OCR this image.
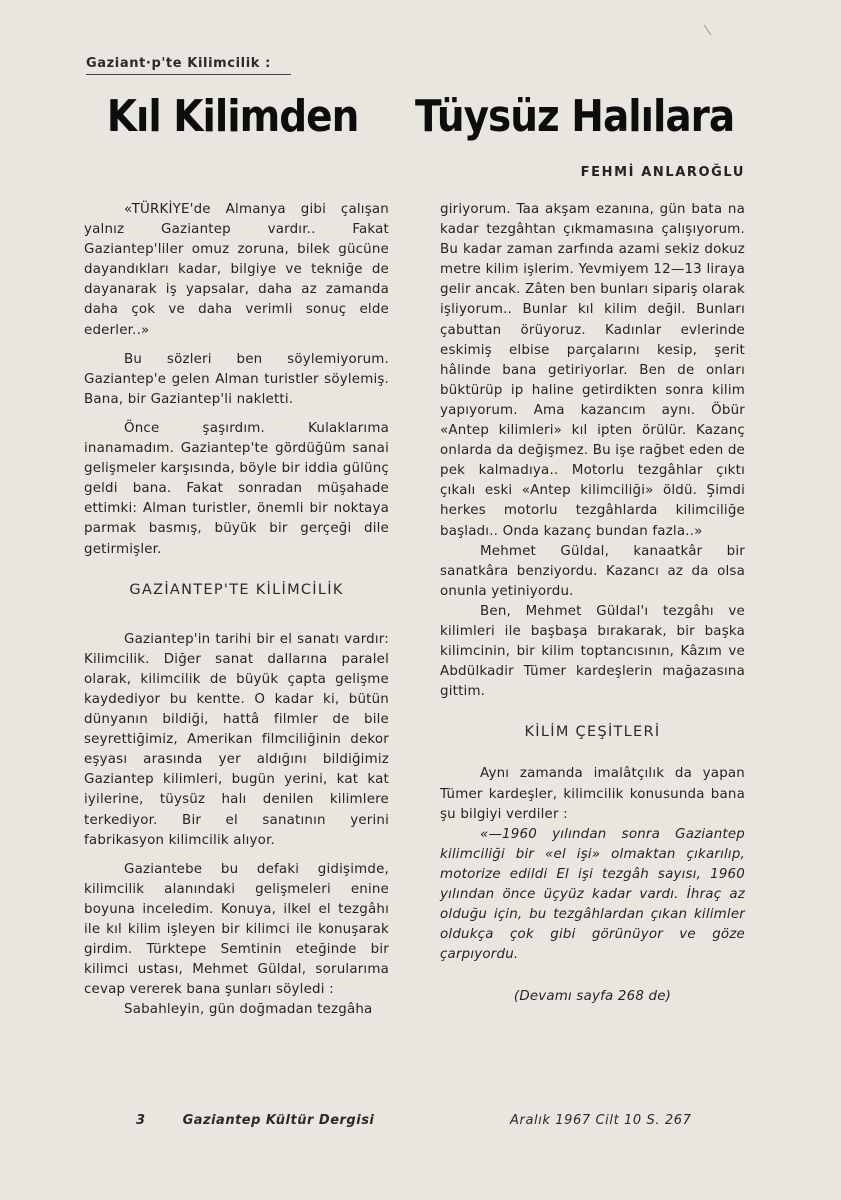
Gaziant·p'te Kilimcilik :
Kıl Kilimden Tüysüz Halılara
FEHMİ ANLAROĞLU

«TÜRKİYE'de Almanya gibi çalışan yalnız Gaziantep vardır.. Fakat Gaziantep'liler omuz zoruna, bilek gücüne dayandıkları kadar, bilgiye ve tekniğe de dayanarak iş yapsalar, daha az zamanda daha çok ve daha verimli sonuç elde ederler..»

Bu sözleri ben söylemiyorum. Gaziantep'e gelen Alman turistler söylemiş. Bana, bir Gaziantep'li nakletti.

Önce şaşırdım. Kulaklarıma inanamadım. Gaziantep'te gördüğüm sanai gelişmeler karşısında, böyle bir iddia gülünç geldi bana. Fakat sonradan müşahade ettimki: Alman turistler, önemli bir noktaya parmak basmış, büyük bir gerçeği dile getirmişler.

GAZİANTEP'TE KİLİMCİLİK

Gaziantep'in tarihi bir el sanatı vardır: Kilimcilik. Diğer sanat dallarına paralel olarak, kilimcilik de büyük çapta gelişme kaydediyor bu kentte. O kadar ki, bütün dünyanın bildiği, hattâ filmler de bile seyrettiğimiz, Amerikan filmciliğinin dekor eşyası arasında yer aldığını bildiğimiz Gaziantep kilimleri, bugün yerini, kat kat iyilerine, tüysüz halı denilen kilimlere terkediyor. Bir el sanatının yerini fabrikasyon kilimcilik alıyor.

Gaziantebe bu defaki gidişimde, kilimcilik alanındaki gelişmeleri enine boyuna inceledim. Konuya, ilkel el tezgâhı ile kıl kilim işleyen bir kilimci ile konuşarak girdim. Türktepe Semtinin eteğinde bir kilimci ustası, Mehmet Güldal, sorularıma cevap vererek bana şunları söyledi :

Sabahleyin, gün doğmadan tezgâha

giriyorum. Taa akşam ezanına, gün bata na kadar tezgâhtan çıkmamasına çalışıyorum. Bu kadar zaman zarfında azami sekiz dokuz metre kilim işlerim. Yevmiyem 12—13 liraya gelir ancak. Zâten ben bunları sipariş olarak işliyorum.. Bunlar kıl kilim değil. Bunları çabuttan örüyoruz. Kadınlar evlerinde eskimiş elbise parçalarını kesip, şerit hâlinde bana getiriyorlar. Ben de onları büktürüp ip haline getirdikten sonra kilim yapıyorum. Ama kazancım aynı. Öbür «Antep kilimleri» kıl ipten örülür. Kazanç onlarda da değişmez. Bu işe rağbet eden de pek kalmadıya.. Motorlu tezgâhlar çıktı çıkalı eski «Antep kilimciliği» öldü. Şimdi herkes motorlu tezgâhlarda kilimciliğe başladı.. Onda kazanç bundan fazla..»

Mehmet Güldal, kanaatkâr bir sanatkâra benziyordu. Kazancı az da olsa onunla yetiniyordu.

Ben, Mehmet Güldal'ı tezgâhı ve kilimleri ile başbaşa bırakarak, bir başka kilimcinin, bir kilim toptancısının, Kâzım ve Abdülkadir Tümer kardeşlerin mağazasına gittim.

KİLİM ÇEŞİTLERİ

Aynı zamanda imalâtçılık da yapan Tümer kardeşler, kilimcilik konusunda bana şu bilgiyi verdiler :

«—1960 yılından sonra Gaziantep kilimciliği bir «el işi» olmaktan çıkarılıp, motorize edildi El işi tezgâh sayısı, 1960 yılından önce üçyüz kadar vardı. İhraç az olduğu için, bu tezgâhlardan çıkan kilimler oldukça çok gibi görünüyor ve göze çarpıyordu.

(Devamı sayfa 268 de)

3	Gaziantep Kültür Dergisi	Aralık 1967 Cilt 10 S. 267
